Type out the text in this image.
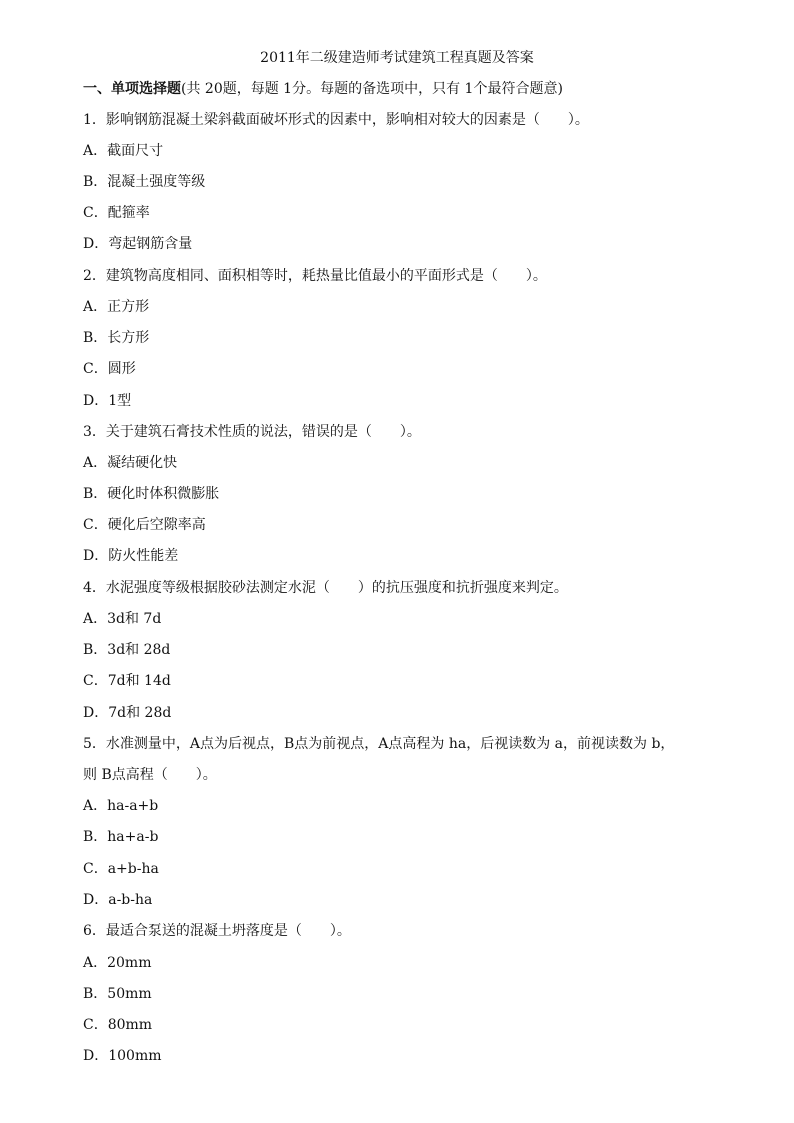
2011年二级建造师考试建筑工程真题及答案
一、单项选择题(共 20题，每题 1分。每题的备选项中，只有 1个最符合题意)
1．影响钢筋混凝土梁斜截面破坏形式的因素中，影响相对较大的因素是（　　）。
A．截面尺寸
B．混凝土强度等级
C．配箍率
D．弯起钢筋含量
2．建筑物高度相同、面积相等时，耗热量比值最小的平面形式是（　　）。
A．正方形
B．长方形
C．圆形
D．1型
3．关于建筑石膏技术性质的说法，错误的是（　　）。
A．凝结硬化快
B．硬化时体积微膨胀
C．硬化后空隙率高
D．防火性能差
4．水泥强度等级根据胶砂法测定水泥（　　）的抗压强度和抗折强度来判定。
A．3d和 7d
B．3d和 28d
C．7d和 14d
D．7d和 28d
5．水准测量中，A点为后视点，B点为前视点，A点高程为 ha，后视读数为 a，前视读数为 b，
则 B点高程（　　）。
A．ha-a+b
B．ha+a-b
C．a+b-ha
D．a-b-ha
6．最适合泵送的混凝土坍落度是（　　）。
A．20mm
B．50mm
C．80mm
D．100mm
